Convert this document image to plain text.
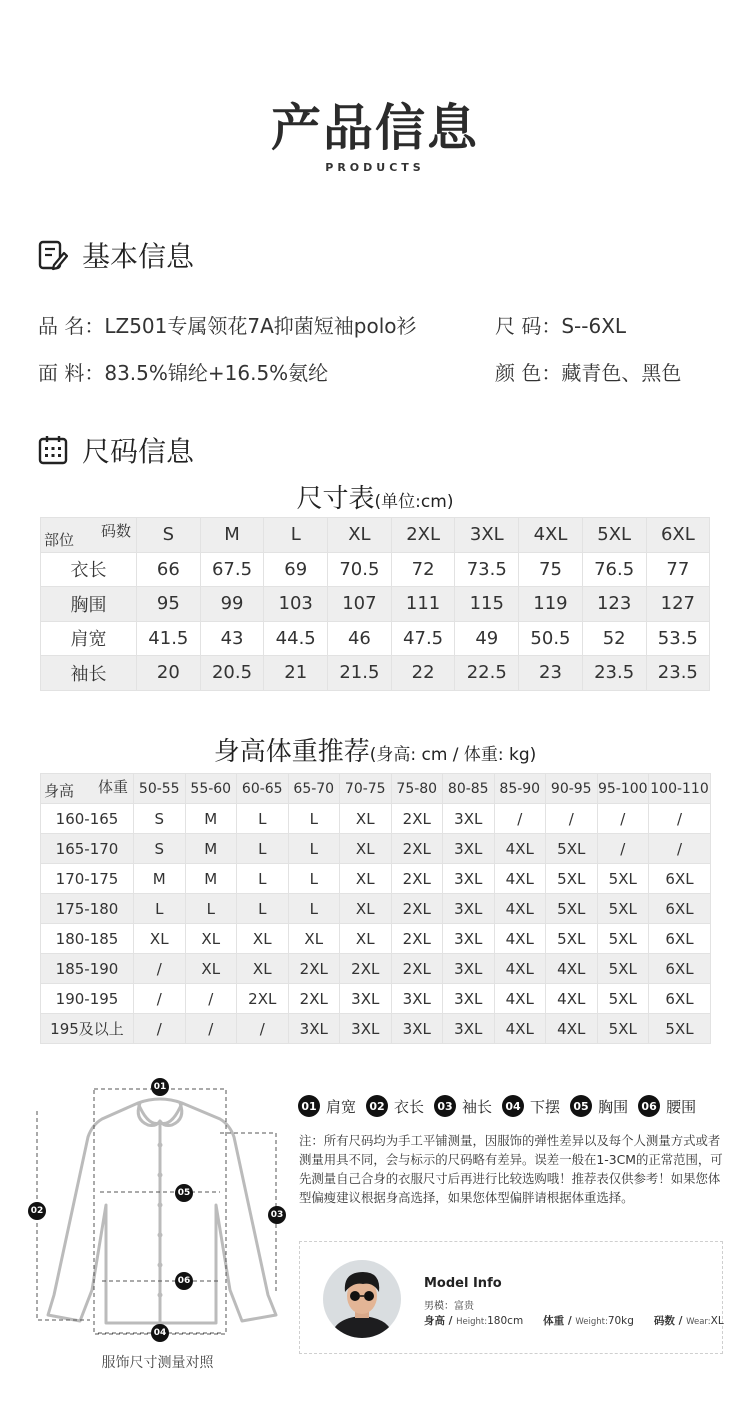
产品信息
PRODUCTS
基本信息
品 名：LZ501专属领花7A抑菌短袖polo衫	尺 码：S--6XL
面 料：83.5%锦纶+16.5%氨纶	颜 色：藏青色、黑色
尺码信息
尺寸表(单位:cm)
码数
部位	S	M	L	XL	2XL	3XL	4XL	5XL	6XL
衣长	66	67.5	69	70.5	72	73.5	75	76.5	77
胸围	95	99	103	107	111	115	119	123	127
肩宽	41.5	43	44.5	46	47.5	49	50.5	52	53.5
袖长	20	20.5	21	21.5	22	22.5	23	23.5	23.5
身高体重推荐(身高: cm / 体重: kg)
体重
身高	50-55	55-60	60-65	65-70	70-75	75-80	80-85	85-90	90-95	95-100	100-110
160-165	S	M	L	L	XL	2XL	3XL	/	/	/	/
165-170	S	M	L	L	XL	2XL	3XL	4XL	5XL	/	/
170-175	M	M	L	L	XL	2XL	3XL	4XL	5XL	5XL	6XL
175-180	L	L	L	L	XL	2XL	3XL	4XL	5XL	5XL	6XL
180-185	XL	XL	XL	XL	XL	2XL	3XL	4XL	5XL	5XL	6XL
185-190	/	XL	XL	2XL	2XL	2XL	3XL	4XL	4XL	5XL	6XL
190-195	/	/	2XL	2XL	3XL	3XL	3XL	4XL	4XL	5XL	6XL
195及以上	/	/	/	3XL	3XL	3XL	3XL	4XL	4XL	5XL	5XL
01
02	03
04
05
06
服饰尺寸测量对照
01 肩宽	02 衣长	03 袖长	04 下摆	05 胸围	06 腰围
注：所有尺码均为手工平铺测量，因服饰的弹性差异以及每个人测量方式或者测量用具不同，会与标示的尺码略有差异。误差一般在1-3CM的正常范围，可先测量自己合身的衣服尺寸后再进行比较选购哦！推荐表仅供参考！如果您体型偏瘦建议根据身高选择，如果您体型偏胖请根据体重选择。
Model Info
男模：富贵
身高 / Height:180cm 体重 / Weight:70kg 码数 / Wear:XL
